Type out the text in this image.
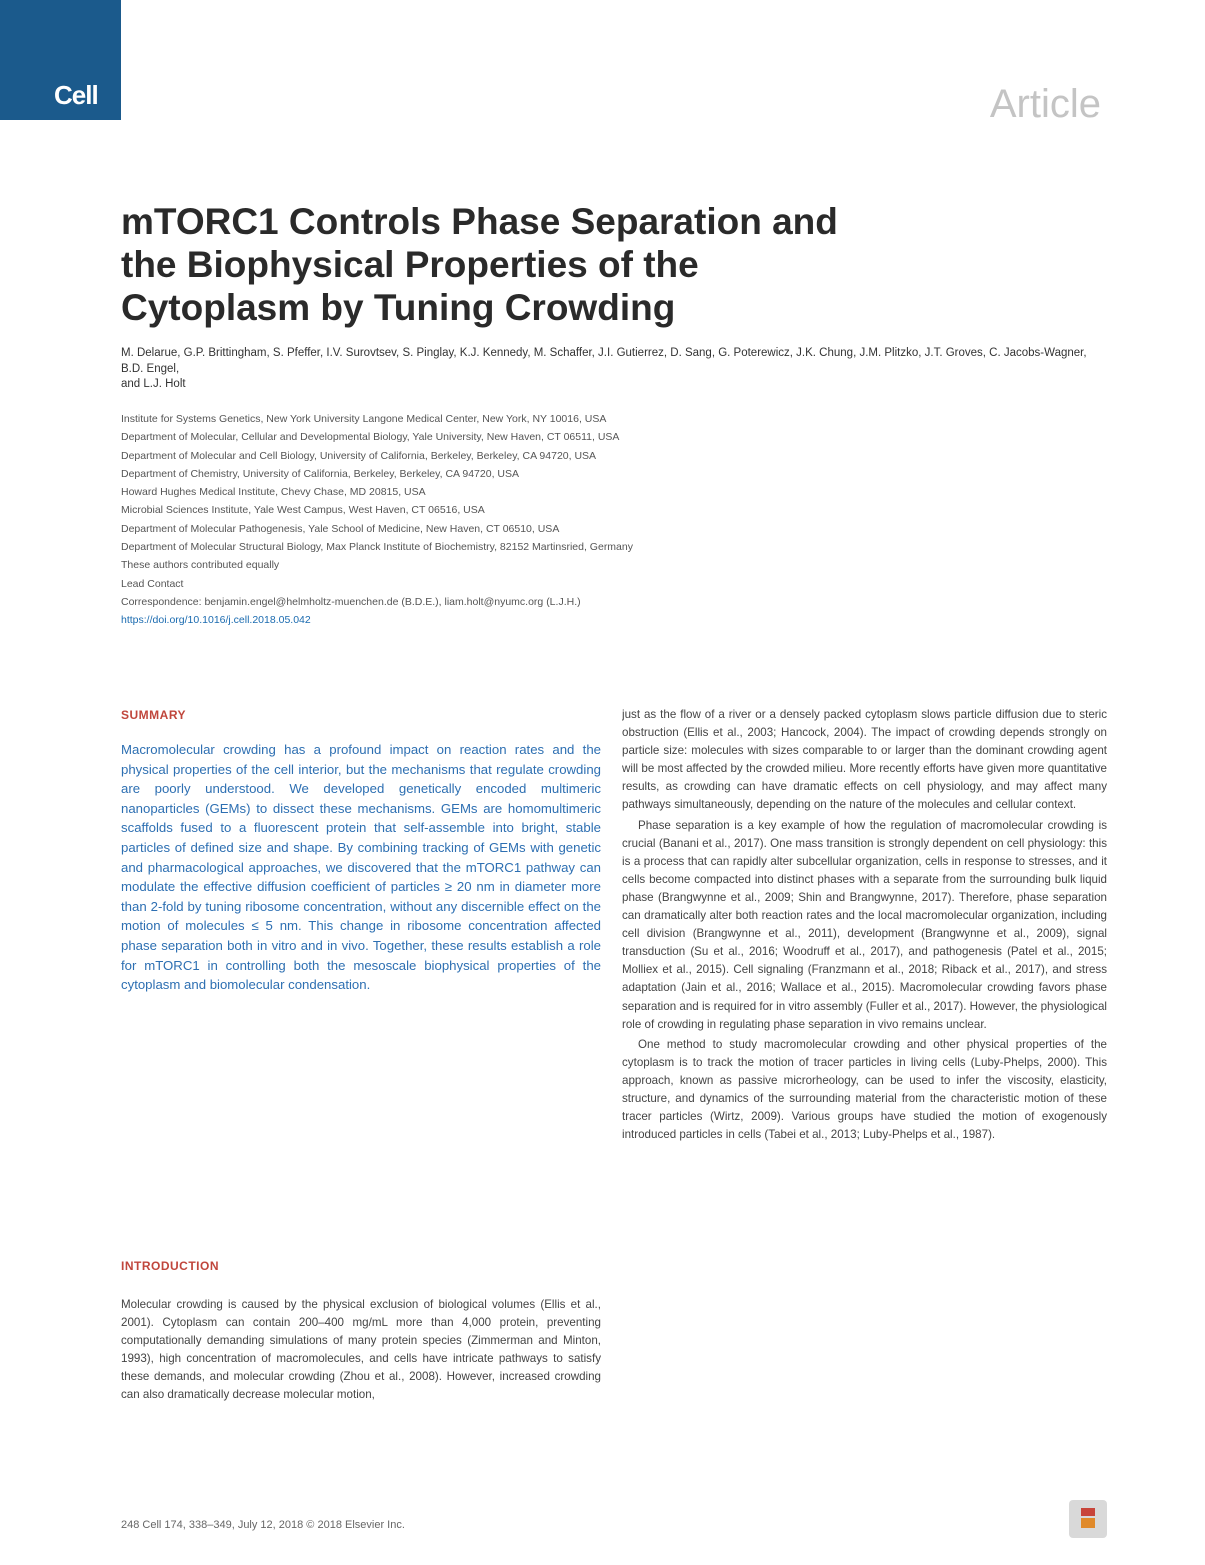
Cell	Article
mTORC1 Controls Phase Separation and the Biophysical Properties of the Cytoplasm by Tuning Crowding
M. Delarue, G.P. Brittingham, S. Pfeffer, I.V. Surovtsev, S. Pinglay, K.J. Kennedy, M. Schaffer, J.I. Gutierrez, D. Sang, G. Poterewicz, J.K. Chung, J.M. Plitzko, J.T. Groves, C. Jacobs-Wagner, B.D. Engel,
and L.J. Holt
Institute for Systems Genetics, New York University Langone Medical Center, New York, NY 10016, USA
Department of Molecular, Cellular and Developmental Biology, Yale University, New Haven, CT 06511, USA
Department of Molecular and Cell Biology, University of California, Berkeley, Berkeley, CA 94720, USA
Department of Chemistry, University of California, Berkeley, Berkeley, CA 94720, USA
Howard Hughes Medical Institute, Chevy Chase, MD 20815, USA
Microbial Sciences Institute, Yale West Campus, West Haven, CT 06516, USA
Department of Molecular Pathogenesis, Yale School of Medicine, New Haven, CT 06510, USA
Department of Molecular Structural Biology, Max Planck Institute of Biochemistry, 82152 Martinsried, Germany
These authors contributed equally
Lead Contact
Correspondence: benjamin.engel@helmholtz-muenchen.de (B.D.E.), liam.holt@nyumc.org (L.J.H.)
https://doi.org/10.1016/j.cell.2018.05.042
SUMMARY
Macromolecular crowding has a profound impact on reaction rates and the physical properties of the cell interior, but the mechanisms that regulate crowding are poorly understood. We developed genetically encoded multimeric nanoparticles (GEMs) to dissect these mechanisms. GEMs are homomultimeric scaffolds fused to a fluorescent protein that self-assemble into bright, stable particles of defined size and shape. By combining tracking of GEMs with genetic and pharmacological approaches, we discovered that the mTORC1 pathway can modulate the effective diffusion coefficient of particles ≥ 20 nm in diameter more than 2-fold by tuning ribosome concentration, without any discernible effect on the motion of molecules ≤ 5 nm. This change in ribosome concentration affected phase separation both in vitro and in vivo. Together, these results establish a role for mTORC1 in controlling both the mesoscale biophysical properties of the cytoplasm and biomolecular condensation.
INTRODUCTION

Molecular crowding is caused by the physical exclusion of biological volumes (Ellis et al., 2001). Cytoplasm can contain 200–400 mg/mL more than 4,000 protein, preventing computationally demanding simulations of many protein species (Zimmerman and Minton, 1993), high concentration of macromolecules, and cells have intricate pathways to satisfy these demands, and molecular crowding (Zhou et al., 2008). However, increased crowding can also dramatically decrease molecular motion,

just as the flow of a river or a densely packed cytoplasm slows particle diffusion due to steric obstruction (Ellis et al., 2003; Hancock, 2004). The impact of crowding depends strongly on particle size: molecules with sizes comparable to or larger than the dominant crowding agent will be most affected by the crowded milieu. More recently efforts have given more quantitative results, as crowding can have dramatic effects on cell physiology, and may affect many pathways simultaneously, depending on the nature of the molecules and cellular context.

Phase separation is a key example of how the regulation of macromolecular crowding is crucial (Banani et al., 2017). One mass transition is strongly dependent on cell physiology: this is a process that can rapidly alter subcellular organization, cells in response to stresses, and it cells become compacted into distinct phases with a separate from the surrounding bulk liquid phase (Brangwynne et al., 2009; Shin and Brangwynne, 2017). Therefore, phase separation can dramatically alter both reaction rates and the local macromolecular organization, including cell division (Brangwynne et al., 2011), development (Brangwynne et al., 2009), signal transduction (Su et al., 2016; Woodruff et al., 2017), and pathogenesis (Patel et al., 2015; Molliex et al., 2015). Cell signaling (Franzmann et al., 2018; Riback et al., 2017), and stress adaptation (Jain et al., 2016; Wallace et al., 2015). Macromolecular crowding favors phase separation and is required for in vitro assembly (Fuller et al., 2017). However, the physiological role of crowding in regulating phase separation in vivo remains unclear.

One method to study macromolecular crowding and other physical properties of the cytoplasm is to track the motion of tracer particles in living cells (Luby-Phelps, 2000). This approach, known as passive microrheology, can be used to infer the viscosity, elasticity, structure, and dynamics of the surrounding material from the characteristic motion of these tracer particles (Wirtz, 2009). Various groups have studied the motion of exogenously introduced particles in cells (Tabei et al., 2013; Luby-Phelps et al., 1987).

248 Cell 174, 338–349, July 12, 2018 © 2018 Elsevier Inc.
